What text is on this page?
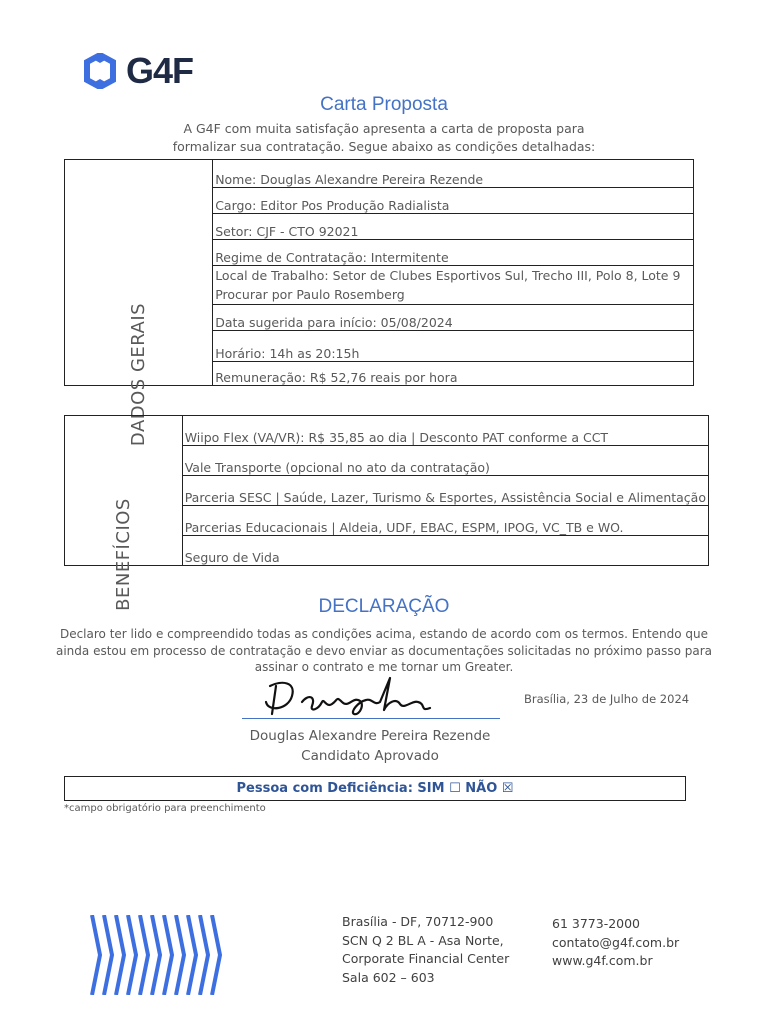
G4F
Carta Proposta
A G4F com muita satisfação apresenta a carta de proposta para
formalizar sua contratação. Segue abaixo as condições detalhadas:
DADOS GERAIS	Nome: Douglas Alexandre Pereira Rezende
Cargo: Editor Pos Produção Radialista
Setor: CJF - CTO 92021
Regime de Contratação: Intermitente

Local de Trabalho: Setor de Clubes Esportivos Sul, Trecho III, Polo 8, Lote 9
Procurar por Paulo Rosemberg

Data sugerida para início: 05/08/2024
Horário: 14h as 20:15h
Remuneração: R$ 52,76 reais por hora
BENEFÍCIOS	Wiipo Flex (VA/VR): R$ 35,85 ao dia | Desconto PAT conforme a CCT
Vale Transporte (opcional no ato da contratação)
Parceria SESC | Saúde, Lazer, Turismo & Esportes, Assistência Social e Alimentação
Parcerias Educacionais | Aldeia, UDF, EBAC, ESPM, IPOG, VC_TB e WO.
Seguro de Vida
DECLARAÇÃO
Declaro ter lido e compreendido todas as condições acima, estando de acordo com os termos. Entendo que
ainda estou em processo de contratação e devo enviar as documentações solicitadas no próximo passo para
assinar o contrato e me tornar um Greater.
Brasília, 23 de Julho de 2024
Douglas Alexandre Pereira Rezende
Candidato Aprovado
Pessoa com Deficiência: SIM ☐ NÃO ☒
*campo obrigatório para preenchimento
Brasília - DF, 70712-900
SCN Q 2 BL A - Asa Norte,
Corporate Financial Center
Sala 602 – 603
61 3773-2000
contato@g4f.com.br
www.g4f.com.br
